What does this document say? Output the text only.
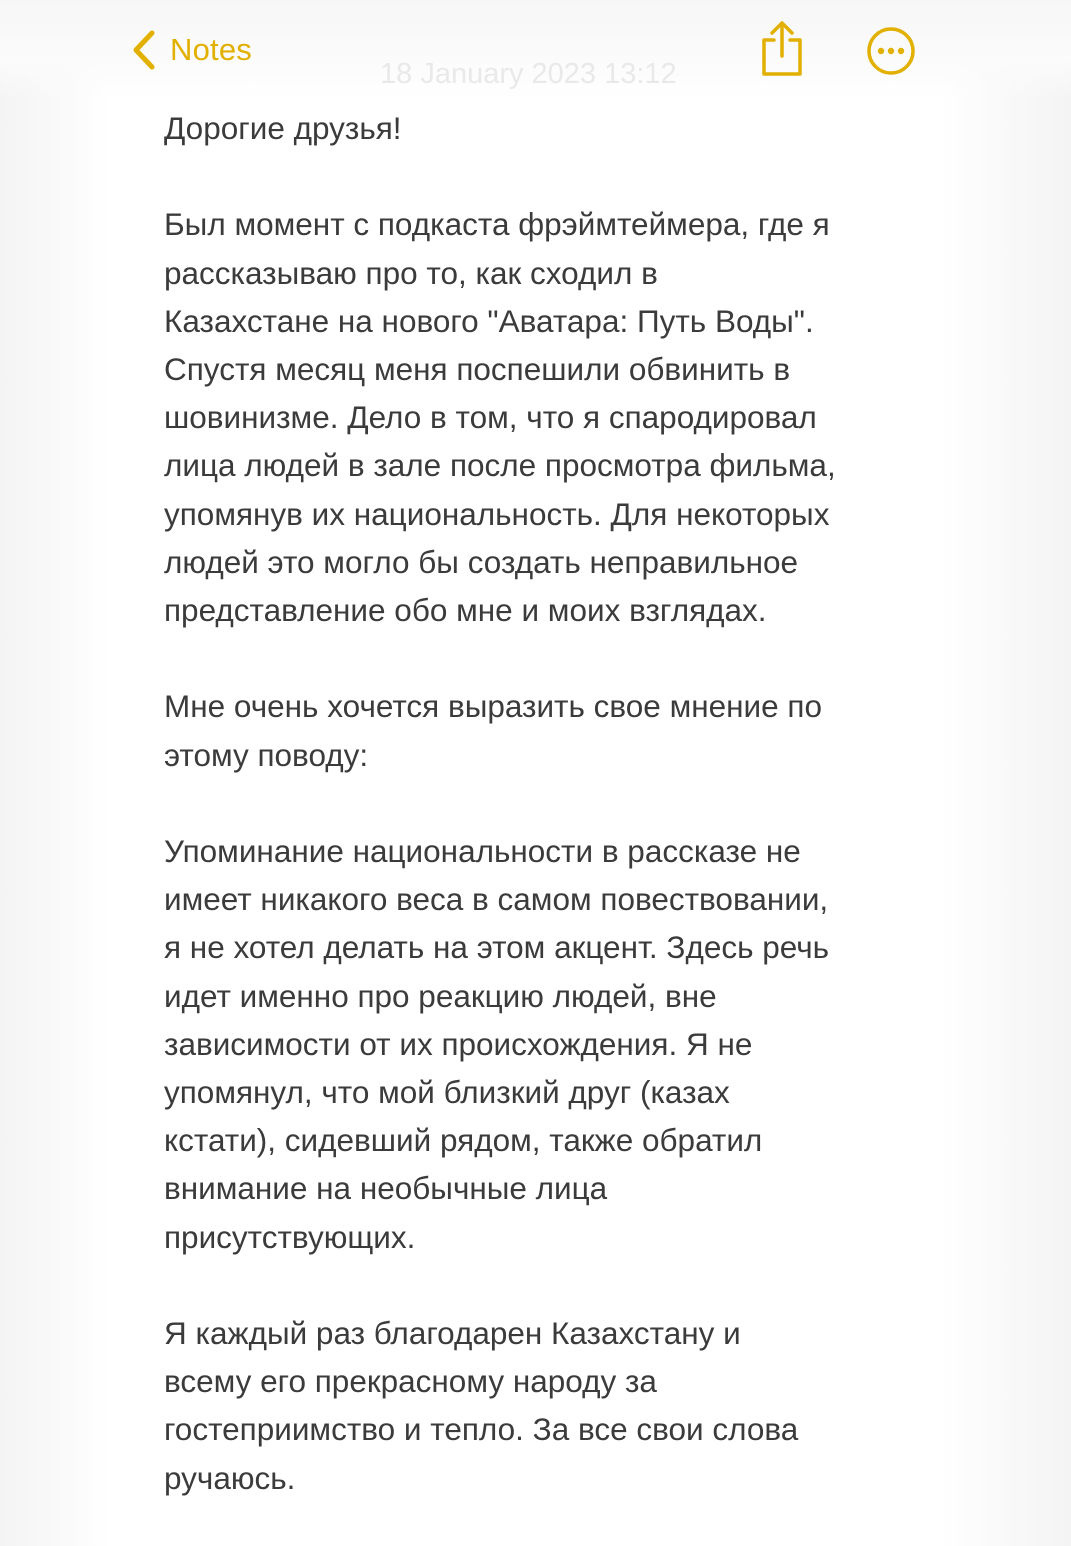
Notes
18 January 2023 13:12

Дорогие друзья!

Был момент с подкаста фрэймтеймера, где я
рассказываю про то, как сходил в
Казахстане на нового "Аватара: Путь Воды".
Спустя месяц меня поспешили обвинить в
шовинизме. Дело в том, что я спародировал
лица людей в зале после просмотра фильма,
упомянув их национальность. Для некоторых
людей это могло бы создать неправильное
представление обо мне и моих взглядах.

Мне очень хочется выразить свое мнение по
этому поводу:

Упоминание национальности в рассказе не
имеет никакого веса в самом повествовании,
я не хотел делать на этом акцент. Здесь речь
идет именно про реакцию людей, вне
зависимости от их происхождения. Я не
упомянул, что мой близкий друг (казах
кстати), сидевший рядом, также обратил
внимание на необычные лица
присутствующих.

Я каждый раз благодарен Казахстану и
всему его прекрасному народу за
гостеприимство и тепло. За все свои слова
ручаюсь.
